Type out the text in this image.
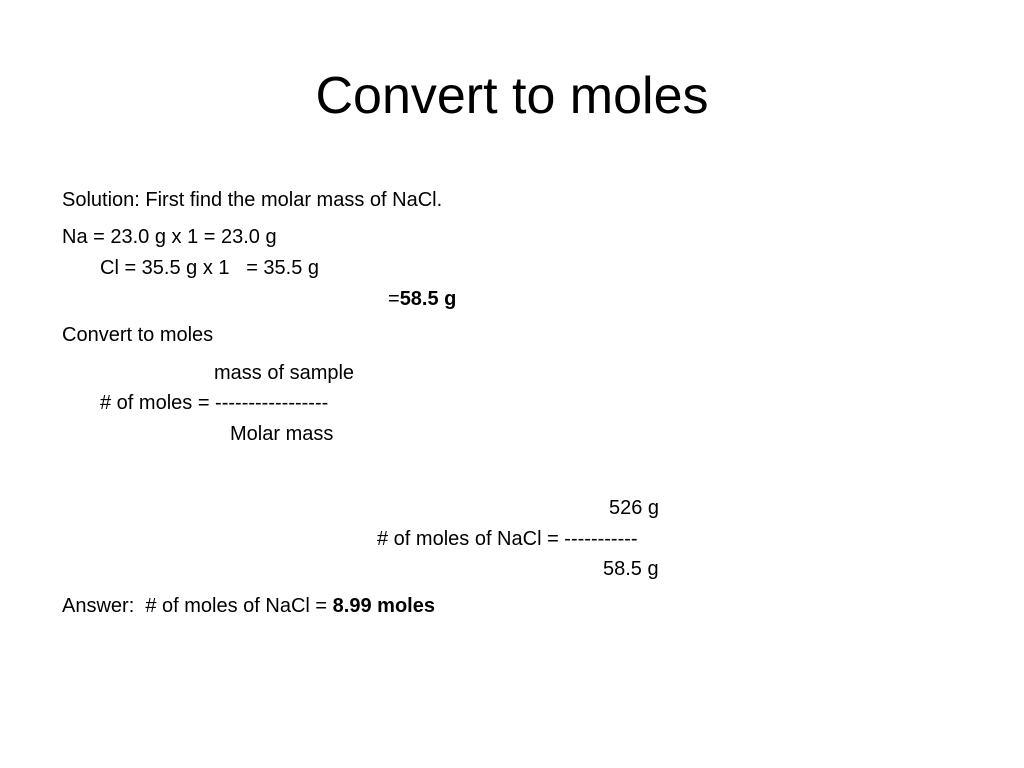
Convert to moles
Solution: First find the molar mass of NaCl.
Na = 23.0 g x 1 = 23.0 g
Cl = 35.5 g x 1   = 35.5 g
=58.5 g
Convert to moles
mass of sample
# of moles = -----------------
Molar mass
526 g
# of moles of NaCl = -----------
58.5 g
Answer:  # of moles of NaCl = 8.99 moles
